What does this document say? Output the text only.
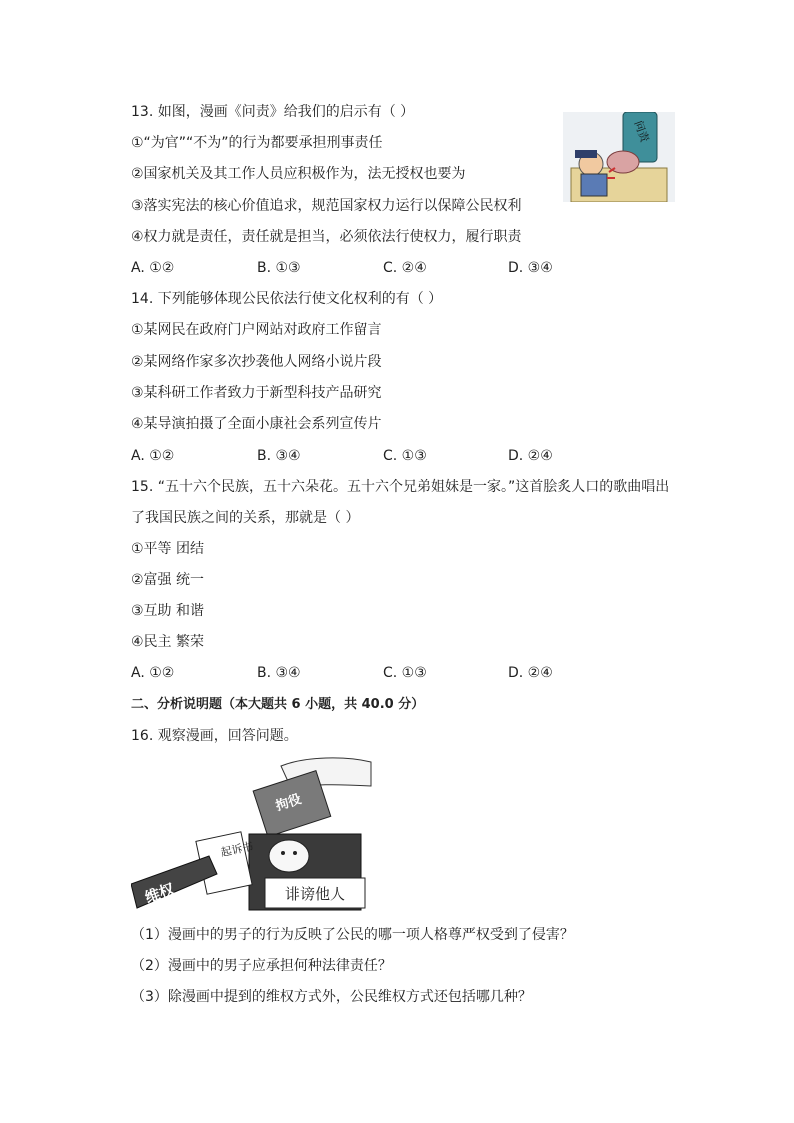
13. 如图，漫画《问责》给我们的启示有（ ）
①“为官”“不为”的行为都要承担刑事责任
②国家机关及其工作人员应积极作为，法无授权也要为
③落实宪法的核心价值追求，规范国家权力运行以保障公民权利
④权力就是责任，责任就是担当，必须依法行使权力，履行职责
A. ①②	B. ①③	C. ②④	D. ③④
问责
14. 下列能够体现公民依法行使文化权利的有（ ）
①某网民在政府门户网站对政府工作留言
②某网络作家多次抄袭他人网络小说片段
③某科研工作者致力于新型科技产品研究
④某导演拍摄了全面小康社会系列宣传片
A. ①②	B. ③④	C. ①③	D. ②④
15. “五十六个民族，五十六朵花。五十六个兄弟姐妹是一家。”这首脍炙人口的歌曲唱出
了我国民族之间的关系，那就是（ ）
①平等 团结
②富强 统一
③互助 和谐
④民主 繁荣
A. ①②	B. ③④	C. ①③	D. ②④
二、分析说明题（本大题共 6 小题，共 40.0 分）
16. 观察漫画，回答问题。
拘役
诽谤他人
起诉书
维权
（1）漫画中的男子的行为反映了公民的哪一项人格尊严权受到了侵害？
（2）漫画中的男子应承担何种法律责任？
（3）除漫画中提到的维权方式外，公民维权方式还包括哪几种？
